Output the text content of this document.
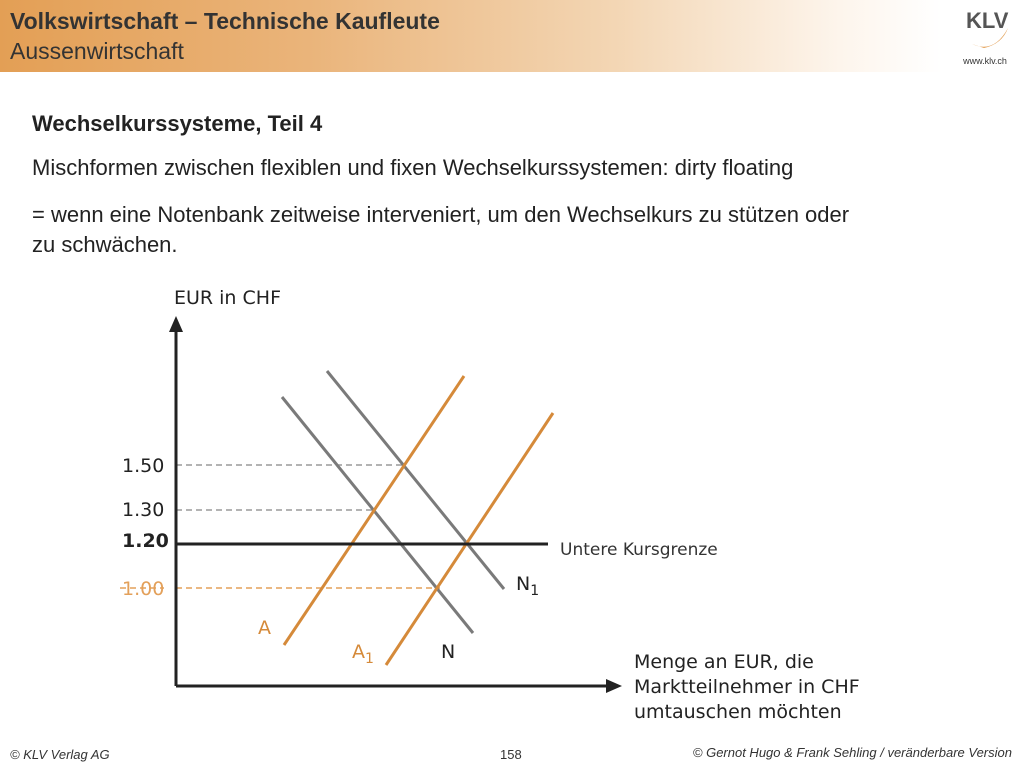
Volkswirtschaft – Technische Kaufleute
Aussenwirtschaft
KLV
www.klv.ch
Wechselkurssysteme, Teil 4
Mischformen zwischen flexiblen und fixen Wechselkurssystemen: dirty floating
= wenn eine Notenbank zeitweise interveniert, um den Wechselkurs zu stützen oder
zu schwächen.
EUR in CHF
Menge an EUR, die
Marktteilnehmer in CHF
umtauschen möchten
1.50
1.30
1.20
1.00
Untere Kursgrenze
$N_1$
N
A
$A_1$
© KLV Verlag AG	158	© Gernot Hugo & Frank Sehling / veränderbare Version
